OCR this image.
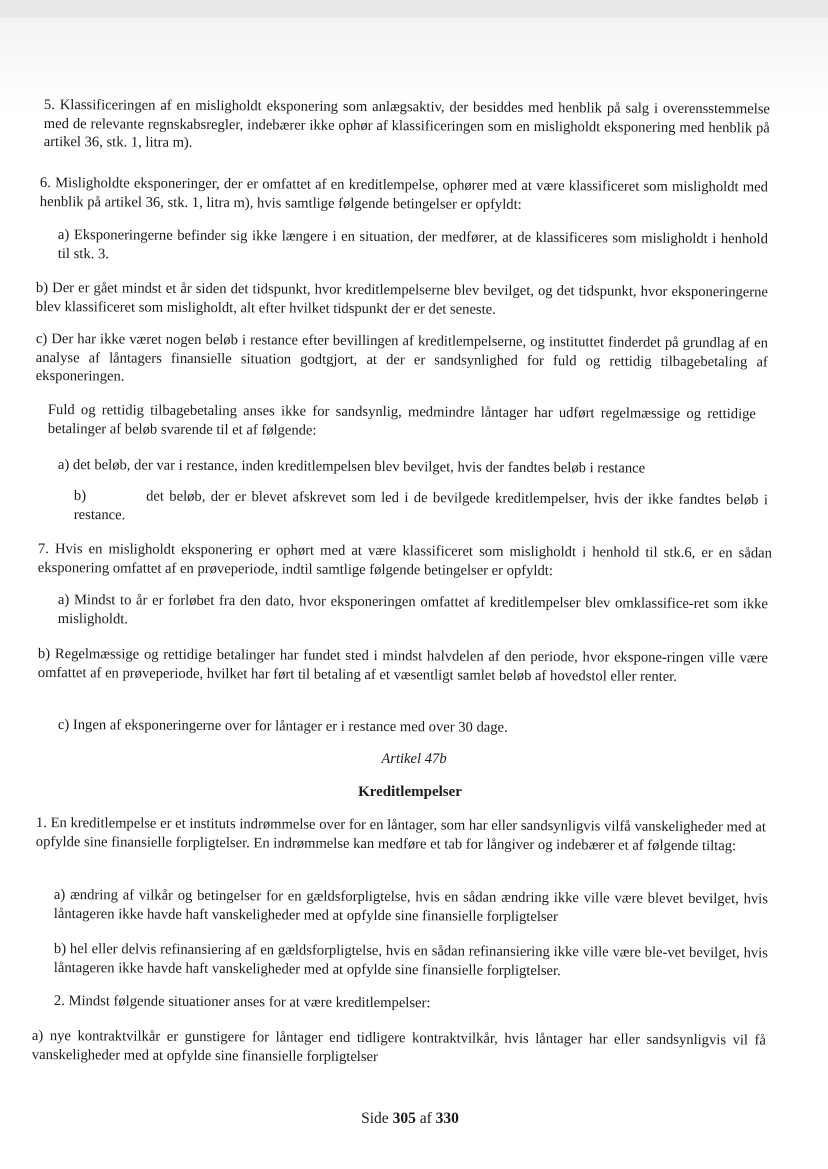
5. Klassificeringen af en misligholdt eksponering som anlægsaktiv, der besiddes med henblik på salg i overensstemmelse med de relevante regnskabsregler, indebærer ikke ophør af klassificeringen som en misligholdt eksponering med henblik på artikel 36, stk. 1, litra m).

6. Misligholdte eksponeringer, der er omfattet af en kreditlempelse, ophører med at være klassificeret som misligholdt med henblik på artikel 36, stk. 1, litra m), hvis samtlige følgende betingelser er opfyldt:

a) Eksponeringerne befinder sig ikke længere i en situation, der medfører, at de klassificeres som misligholdt i henhold til stk. 3.

b) Der er gået mindst et år siden det tidspunkt, hvor kreditlempelserne blev bevilget, og det tidspunkt, hvor eksponeringerne blev klassificeret som misligholdt, alt efter hvilket tidspunkt der er det seneste.

c) Der har ikke været nogen beløb i restance efter bevillingen af kreditlempelserne, og instituttet finderdet på grundlag af en analyse af låntagers finansielle situation godtgjort, at der er sandsynlighed for fuld og rettidig tilbagebetaling af eksponeringen.

Fuld og rettidig tilbagebetaling anses ikke for sandsynlig, medmindre låntager har udført regelmæssige og rettidige betalinger af beløb svarende til et af følgende:

a) det beløb, der var i restance, inden kreditlempelsen blev bevilget, hvis der fandtes beløb i restance

b)	det beløb, der er blevet afskrevet som led i de bevilgede kreditlempelser, hvis der ikke fandtes beløb i restance.

7. Hvis en misligholdt eksponering er ophørt med at være klassificeret som misligholdt i henhold til stk.6, er en sådan eksponering omfattet af en prøveperiode, indtil samtlige følgende betingelser er opfyldt:

a) Mindst to år er forløbet fra den dato, hvor eksponeringen omfattet af kreditlempelser blev omklassifice-ret som ikke misligholdt.

b) Regelmæssige og rettidige betalinger har fundet sted i mindst halvdelen af den periode, hvor ekspone-ringen ville være omfattet af en prøveperiode, hvilket har ført til betaling af et væsentligt samlet beløb af hovedstol eller renter.

c) Ingen af eksponeringerne over for låntager er i restance med over 30 dage.

Artikel 47b
Kreditlempelser

1. En kreditlempelse er et instituts indrømmelse over for en låntager, som har eller sandsynligvis vilfå vanskeligheder med at opfylde sine finansielle forpligtelser. En indrømmelse kan medføre et tab for långiver og indebærer et af følgende tiltag:

a) ændring af vilkår og betingelser for en gældsforpligtelse, hvis en sådan ændring ikke ville være blevet bevilget, hvis låntageren ikke havde haft vanskeligheder med at opfylde sine finansielle forpligtelser

b) hel eller delvis refinansiering af en gældsforpligtelse, hvis en sådan refinansiering ikke ville være ble-vet bevilget, hvis låntageren ikke havde haft vanskeligheder med at opfylde sine finansielle forpligtelser.

2. Mindst følgende situationer anses for at være kreditlempelser:

a) nye kontraktvilkår er gunstigere for låntager end tidligere kontraktvilkår, hvis låntager har eller sandsynligvis vil få vanskeligheder med at opfylde sine finansielle forpligtelser

Side 305 af 330
